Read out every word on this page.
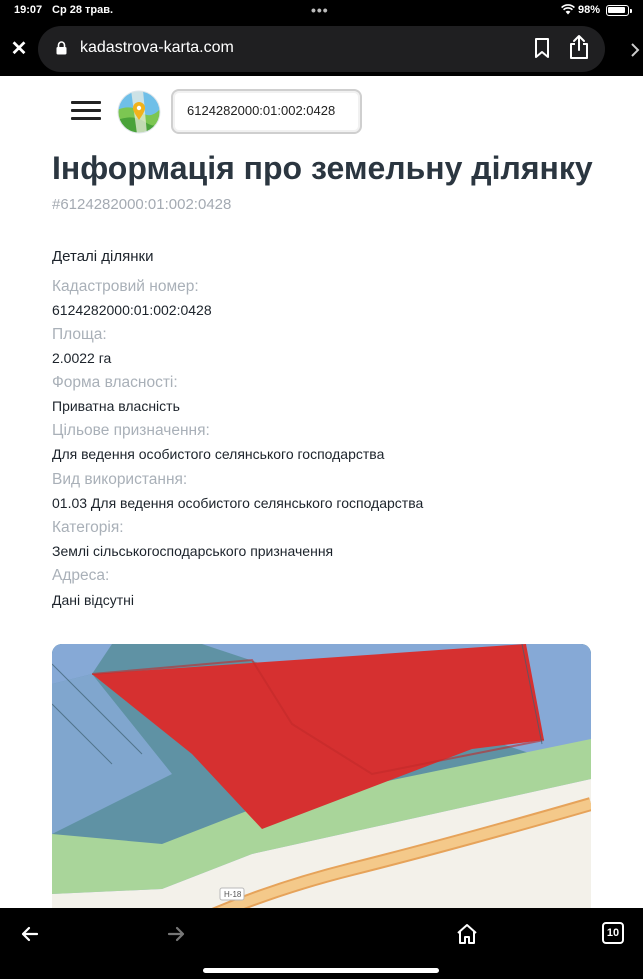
19:07 Ср 28 трав.	•••	98%
✕	kadastrova-karta.com
6124282000:01:002:0428
Інформація про земельну ділянку
#6124282000:01:002:0428
Деталі ділянки
Кадастровий номер:
6124282000:01:002:0428
Площа:
2.0022 га
Форма власності:
Приватна власність
Цільове призначення:
Для ведення особистого селянського господарства
Вид використання:
01.03 Для ведення особистого селянського господарства
Категорія:
Землі сільськогосподарського призначення
Адреса:
Дані відсутні
Н-18
10
